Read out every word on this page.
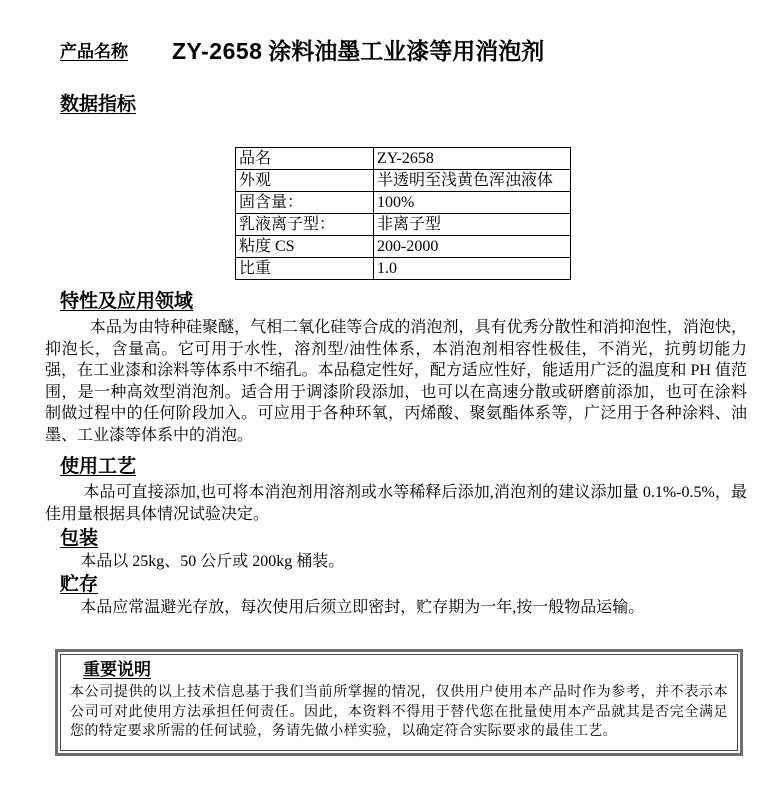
产品名称 ZY-2658 涂料油墨工业漆等用消泡剂
数据指标
品名	ZY-2658
外观	半透明至浅黄色浑浊液体
固含量：	100%
乳液离子型：	非离子型
粘度 CS	200-2000
比重	1.0
特性及应用领域
本品为由特种硅聚醚，气相二氧化硅等合成的消泡剂，具有优秀分散性和消抑泡性，消泡快，抑泡长，含量高。它可用于水性，溶剂型/油性体系，本消泡剂相容性极佳，不消光，抗剪切能力强，在工业漆和涂料等体系中不缩孔。本品稳定性好，配方适应性好，能适用广泛的温度和 PH 值范围，是一种高效型消泡剂。适合用于调漆阶段添加，也可以在高速分散或研磨前添加，也可在涂料制做过程中的任何阶段加入。可应用于各种环氧，丙烯酸、聚氨酯体系等，广泛用于各种涂料、油墨、工业漆等体系中的消泡。
使用工艺
本品可直接添加,也可将本消泡剂用溶剂或水等稀释后添加,消泡剂的建议添加量 0.1%-0.5%，最佳用量根据具体情况试验决定。
包装
本品以 25kg、50 公斤或 200kg 桶装。
贮存
本品应常温避光存放，每次使用后须立即密封，贮存期为一年,按一般物品运输。
重要说明
本公司提供的以上技术信息基于我们当前所掌握的情况，仅供用户使用本产品时作为参考，并不表示本公司可对此使用方法承担任何责任。因此，本资料不得用于替代您在批量使用本产品就其是否完全满足您的特定要求所需的任何试验，务请先做小样实验，以确定符合实际要求的最佳工艺。
